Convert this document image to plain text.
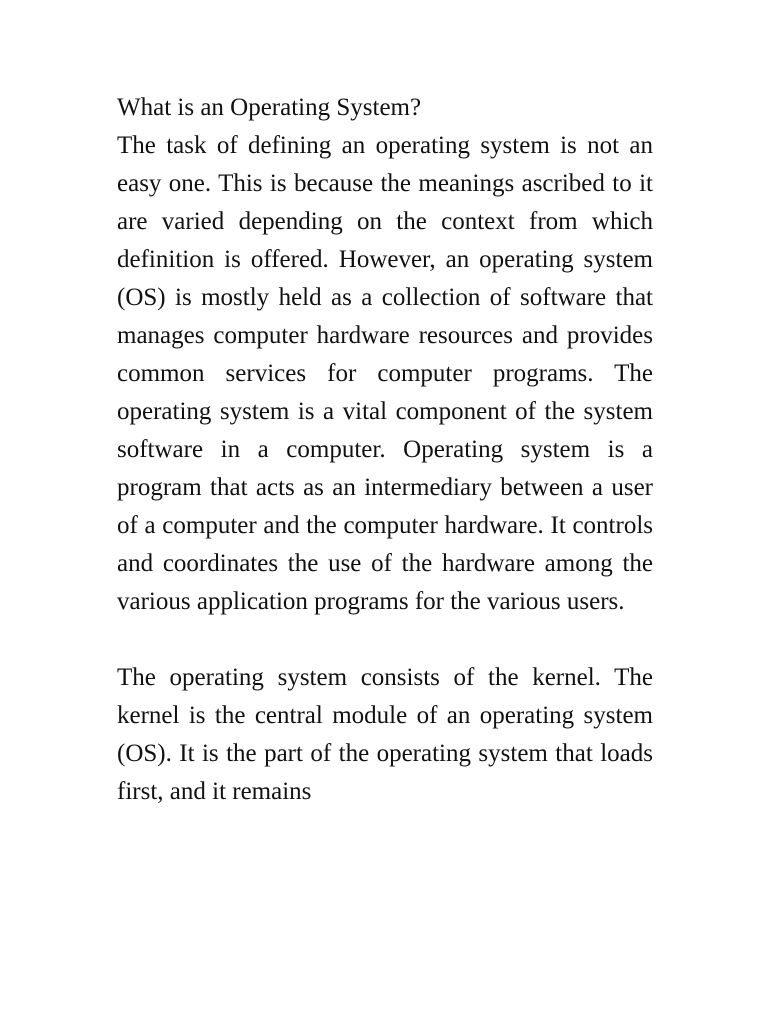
What is an Operating System?

The task of defining an operating system is not an easy one. This is because the meanings ascribed to it are varied depending on the context from which definition is offered. However, an operating system (OS) is mostly held as a collection of software that manages computer hardware resources and provides common services for computer programs. The operating system is a vital component of the system software in a computer. Operating system is a program that acts as an intermediary between a user of a computer and the computer hardware. It controls and coordinates the use of the hardware among the various application programs for the various users.

The operating system consists of the kernel. The kernel is the central module of an operating system (OS). It is the part of the operating system that loads first, and it remains
